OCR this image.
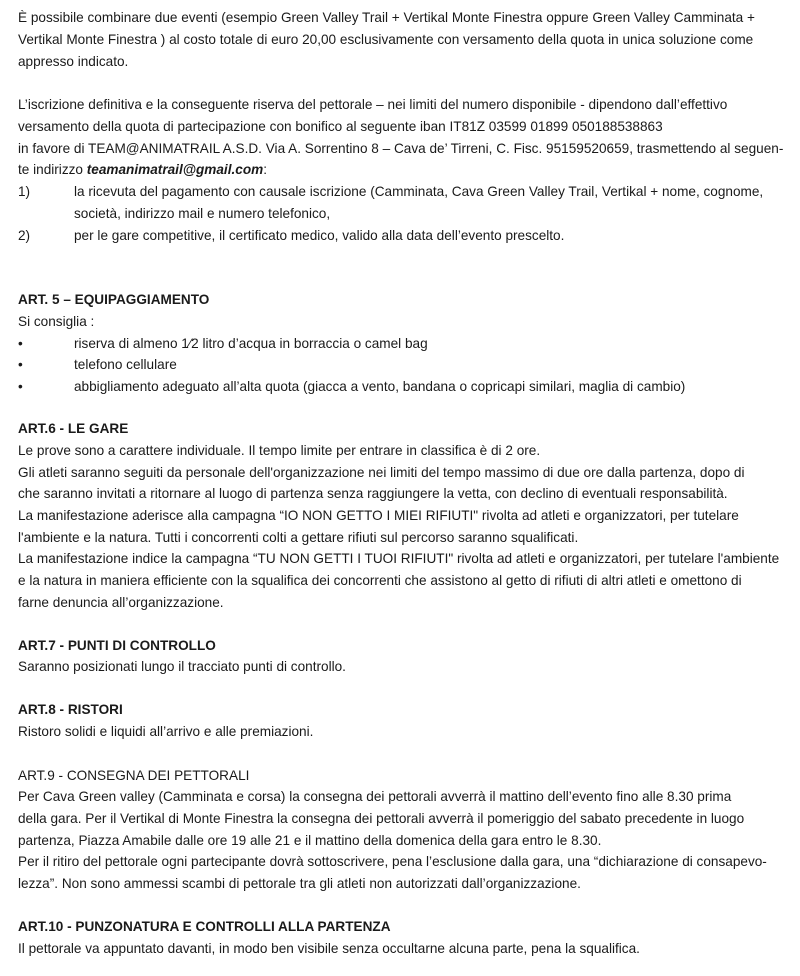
È possibile combinare due eventi (esempio Green Valley Trail + Vertikal Monte Finestra oppure Green Valley Camminata +
Vertikal Monte Finestra ) al costo totale di euro 20,00 esclusivamente con versamento della quota in unica soluzione come
appresso indicato.
L’iscrizione definitiva e la conseguente riserva del pettorale – nei limiti del numero disponibile - dipendono dall’effettivo
versamento della quota di partecipazione con bonifico al seguente iban IT81Z 03599 01899 050188538863
in favore di TEAM@ANIMATRAIL A.S.D. Via A. Sorrentino 8 – Cava de’ Tirreni, C. Fisc. 95159520659, trasmettendo al seguen-
te indirizzo teamanimatrail@gmail.com:
1)	la ricevuta del pagamento con causale iscrizione (Camminata, Cava Green Valley Trail, Vertikal + nome, cognome,
società, indirizzo mail e numero telefonico,
2)	per le gare competitive, il certificato medico, valido alla data dell’evento prescelto.
ART. 5 – EQUIPAGGIAMENTO
Si consiglia :
•	riserva di almeno 1⁄2 litro d’acqua in borraccia o camel bag
•	telefono cellulare
•	abbigliamento adeguato all’alta quota (giacca a vento, bandana o copricapi similari, maglia di cambio)
ART.6 - LE GARE
Le prove sono a carattere individuale. Il tempo limite per entrare in classifica è di 2 ore.
Gli atleti saranno seguiti da personale dell'organizzazione nei limiti del tempo massimo di due ore dalla partenza, dopo di
che saranno invitati a ritornare al luogo di partenza senza raggiungere la vetta, con declino di eventuali responsabilità.
La manifestazione aderisce alla campagna “IO NON GETTO I MIEI RIFIUTI" rivolta ad atleti e organizzatori, per tutelare
l'ambiente e la natura. Tutti i concorrenti colti a gettare rifiuti sul percorso saranno squalificati.
La manifestazione indice la campagna “TU NON GETTI I TUOI RIFIUTI" rivolta ad atleti e organizzatori, per tutelare l'ambiente
e la natura in maniera efficiente con la squalifica dei concorrenti che assistono al getto di rifiuti di altri atleti e omettono di
farne denuncia all’organizzazione.
ART.7 - PUNTI DI CONTROLLO
Saranno posizionati lungo il tracciato punti di controllo.
ART.8 - RISTORI
Ristoro solidi e liquidi all’arrivo e alle premiazioni.
ART.9 - CONSEGNA DEI PETTORALI
Per Cava Green valley (Camminata e corsa) la consegna dei pettorali avverrà il mattino dell’evento fino alle 8.30 prima
della gara. Per il Vertikal di Monte Finestra la consegna dei pettorali avverrà il pomeriggio del sabato precedente in luogo
partenza, Piazza Amabile dalle ore 19 alle 21 e il mattino della domenica della gara entro le 8.30.
Per il ritiro del pettorale ogni partecipante dovrà sottoscrivere, pena l’esclusione dalla gara, una “dichiarazione di consapevo-
lezza”. Non sono ammessi scambi di pettorale tra gli atleti non autorizzati dall’organizzazione.
ART.10 - PUNZONATURA E CONTROLLI ALLA PARTENZA
Il pettorale va appuntato davanti, in modo ben visibile senza occultarne alcuna parte, pena la squalifica.
